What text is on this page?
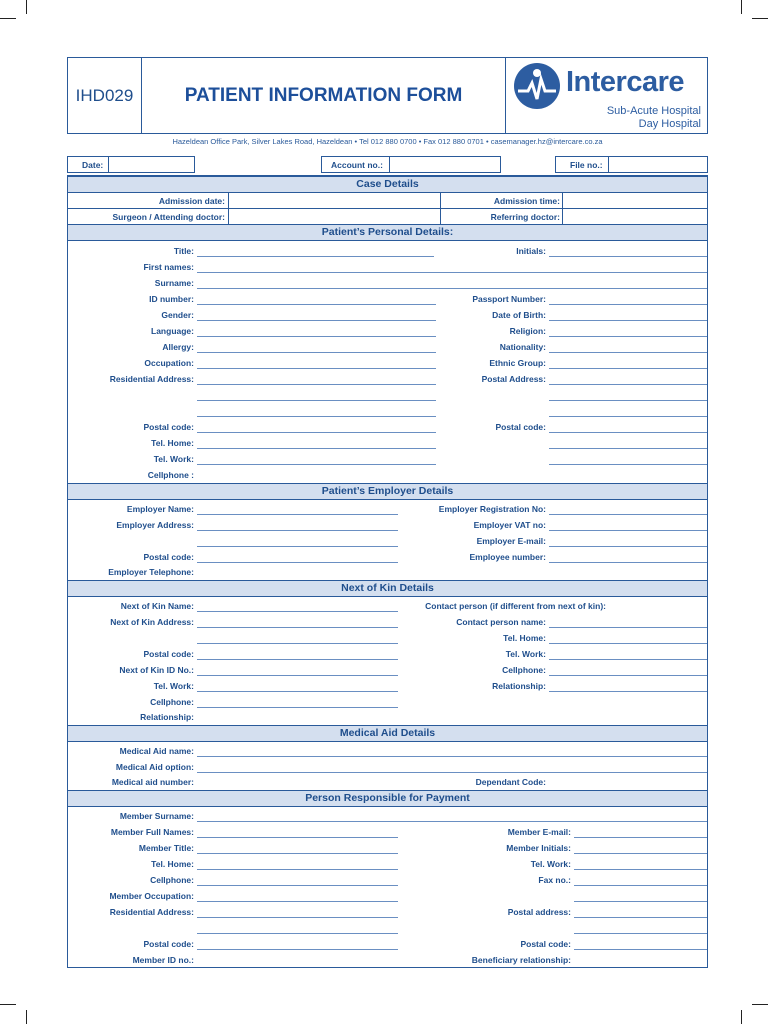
IHD029	PATIENT INFORMATION FORM	Intercare
Sub-Acute Hospital
Day Hospital
Hazeldean Office Park, Silver Lakes Road, Hazeldean • Tel 012 880 0700 • Fax 012 880 0701 • casemanager.hz@intercare.co.za
Date:	Account no.:	File no.:
Case Details
Admission date:	Admission time:
Surgeon / Attending doctor:	Referring doctor:
Patient’s Personal Details:
Title:	Initials:
First names:
Surname:
ID number:	Passport Number:
Gender:	Date of Birth:
Language:	Religion:
Allergy:	Nationality:
Occupation:	Ethnic Group:
Residential Address:	Postal Address:
Postal code:	Postal code:
Tel. Home:
Tel. Work:
Cellphone :
Patient’s Employer Details
Employer Name:	Employer Registration No:
Employer Address:	Employer VAT no:
Employer E-mail:
Postal code:	Employee number:
Employer Telephone:
Next of Kin Details
Next of Kin Name:	Contact person (if different from next of kin):
Next of Kin Address:	Contact person name:
Tel. Home:
Postal code:	Tel. Work:
Next of Kin ID No.:	Cellphone:
Tel. Work:	Relationship:
Cellphone:
Relationship:
Medical Aid Details
Medical Aid name:
Medical Aid option:
Medical aid number:	Dependant Code:
Person Responsible for Payment
Member Surname:
Member Full Names:	Member E-mail:
Member Title:	Member Initials:
Tel. Home:	Tel. Work:
Cellphone:	Fax no.:
Member Occupation:
Residential Address:	Postal address:
Postal code:	Postal code:
Member ID no.:	Beneficiary relationship:
